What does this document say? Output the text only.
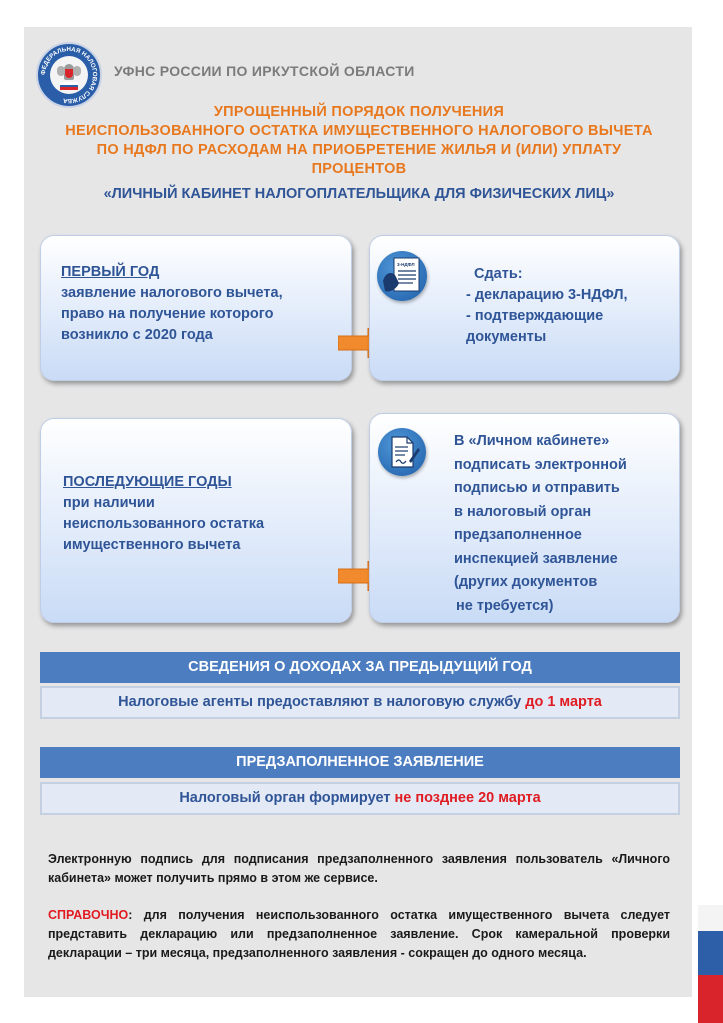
ФЕДЕРАЛЬНАЯ НАЛОГОВАЯ СЛУЖБА
УФНС РОССИИ ПО ИРКУТСКОЙ ОБЛАСТИ
УПРОЩЕННЫЙ ПОРЯДОК ПОЛУЧЕНИЯ
НЕИСПОЛЬЗОВАННОГО ОСТАТКА ИМУЩЕСТВЕННОГО НАЛОГОВОГО ВЫЧЕТА
ПО НДФЛ ПО РАСХОДАМ НА ПРИОБРЕТЕНИЕ ЖИЛЬЯ И (ИЛИ) УПЛАТУ
ПРОЦЕНТОВ
«ЛИЧНЫЙ КАБИНЕТ НАЛОГОПЛАТЕЛЬЩИКА ДЛЯ ФИЗИЧЕСКИХ ЛИЦ»
ПЕРВЫЙ ГОД
заявление налогового вычета,
право на получение которого
возникло с 2020 года
Сдать:
- декларацию 3-НДФЛ,
- подтверждающие
документы
3-НДФЛ
ПОСЛЕДУЮЩИЕ ГОДЫ
при наличии
неиспользованного остатка
имущественного вычета
В «Личном кабинете»
подписать электронной
подписью и отправить
в налоговый орган
предзаполненное
инспекцией заявление
(других документов
не требуется)
СВЕДЕНИЯ О ДОХОДАХ ЗА ПРЕДЫДУЩИЙ ГОД
Налоговые агенты предоставляют в налоговую службу до 1 марта
ПРЕДЗАПОЛНЕННОЕ ЗАЯВЛЕНИЕ
Налоговый орган формирует не позднее 20 марта
Электронную подпись для подписания предзаполненного заявления пользователь «Личного кабинета» может получить прямо в этом же сервисе.
СПРАВОЧНО: для получения неиспользованного остатка имущественного вычета следует представить декларацию или предзаполненное заявление. Срок камеральной проверки декларации – три месяца, предзаполненного заявления - сокращен до одного месяца.
